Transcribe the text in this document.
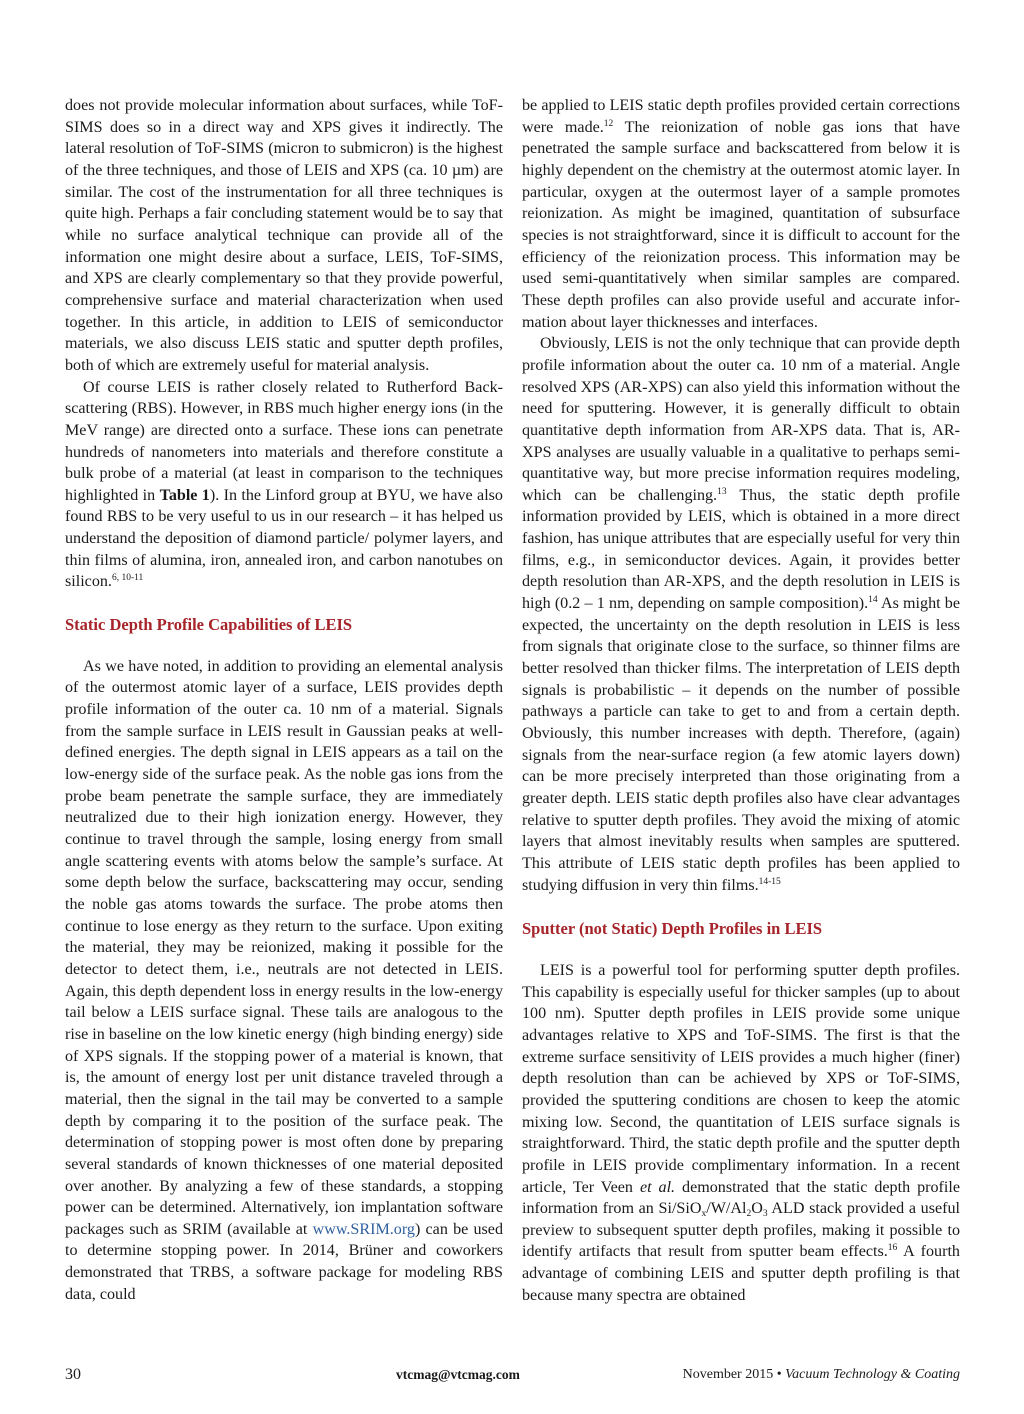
does not provide molecular information about surfaces, while ToF-SIMS does so in a direct way and XPS gives it indirectly. The lateral resolution of ToF-SIMS (micron to submicron) is the highest of the three techniques, and those of LEIS and XPS (ca. 10 µm) are similar. The cost of the instrumentation for all three techniques is quite high. Perhaps a fair concluding statement would be to say that while no surface analytical technique can provide all of the information one might desire about a surface, LEIS, ToF-SIMS, and XPS are clearly complementary so that they provide powerful, comprehensive surface and material characterization when used together. In this article, in addition to LEIS of semiconductor materials, we also discuss LEIS static and sputter depth profiles, both of which are extremely useful for material analysis.

Of course LEIS is rather closely related to Rutherford Backscattering (RBS). However, in RBS much higher energy ions (in the MeV range) are directed onto a surface. These ions can penetrate hundreds of nanometers into materials and therefore constitute a bulk probe of a material (at least in comparison to the techniques highlighted in Table 1). In the Linford group at BYU, we have also found RBS to be very useful to us in our research – it has helped us understand the deposition of diamond particle/ polymer layers, and thin films of alumina, iron, annealed iron, and carbon nanotubes on silicon.$^{6, 10-11}$

Static Depth Profile Capabilities of LEIS

As we have noted, in addition to providing an elemental analysis of the outermost atomic layer of a surface, LEIS provides depth profile information of the outer ca. 10 nm of a material. Signals from the sample surface in LEIS result in Gaussian peaks at well-defined energies. The depth signal in LEIS appears as a tail on the low-energy side of the surface peak. As the noble gas ions from the probe beam penetrate the sample surface, they are immediately neutralized due to their high ionization energy. However, they continue to travel through the sample, losing energy from small angle scattering events with atoms below the sample’s surface. At some depth below the surface, backscattering may occur, sending the noble gas atoms towards the surface. The probe atoms then continue to lose energy as they return to the surface. Upon exiting the material, they may be reionized, making it possible for the detector to detect them, i.e., neutrals are not detected in LEIS. Again, this depth dependent loss in energy results in the low-energy tail below a LEIS surface signal. These tails are analogous to the rise in baseline on the low kinetic energy (high binding energy) side of XPS signals. If the stopping power of a material is known, that is, the amount of energy lost per unit distance traveled through a material, then the signal in the tail may be converted to a sample depth by comparing it to the position of the surface peak. The determination of stopping power is most often done by preparing several standards of known thicknesses of one material deposited over another. By analyzing a few of these standards, a stopping power can be determined. Alternatively, ion implantation software packages such as SRIM (available at www.SRIM.org) can be used to determine stopping power. In 2014, Brüner and coworkers demonstrated that TRBS, a software package for modeling RBS data, could

be applied to LEIS static depth profiles provided certain corrections were made.$^{12}$ The reionization of noble gas ions that have penetrated the sample surface and backscattered from below it is highly dependent on the chemistry at the outermost atomic layer. In particular, oxygen at the outermost layer of a sample promotes reionization. As might be imagined, quantitation of subsurface species is not straightforward, since it is difficult to account for the efficiency of the reionization process. This information may be used semi-quantitatively when similar samples are compared. These depth profiles can also provide useful and accurate information about layer thicknesses and interfaces.

Obviously, LEIS is not the only technique that can provide depth profile information about the outer ca. 10 nm of a material. Angle resolved XPS (AR-XPS) can also yield this information without the need for sputtering. However, it is generally difficult to obtain quantitative depth information from AR-XPS data. That is, AR-XPS analyses are usually valuable in a qualitative to perhaps semi-quantitative way, but more precise information requires modeling, which can be challenging.$^{13}$ Thus, the static depth profile information provided by LEIS, which is obtained in a more direct fashion, has unique attributes that are especially useful for very thin films, e.g., in semiconductor devices. Again, it provides better depth resolution than AR-XPS, and the depth resolution in LEIS is high (0.2 – 1 nm, depending on sample composition).$^{14}$ As might be expected, the uncertainty on the depth resolution in LEIS is less from signals that originate close to the surface, so thinner films are better resolved than thicker films. The interpretation of LEIS depth signals is probabilistic – it depends on the number of possible pathways a particle can take to get to and from a certain depth. Obviously, this number increases with depth. Therefore, (again) signals from the near-surface region (a few atomic layers down) can be more precisely interpreted than those originating from a greater depth. LEIS static depth profiles also have clear advantages relative to sputter depth profiles. They avoid the mixing of atomic layers that almost inevitably results when samples are sputtered. This attribute of LEIS static depth profiles has been applied to studying diffusion in very thin films.$^{14-15}$

Sputter (not Static) Depth Profiles in LEIS

LEIS is a powerful tool for performing sputter depth profiles. This capability is especially useful for thicker samples (up to about 100 nm). Sputter depth profiles in LEIS provide some unique advantages relative to XPS and ToF-SIMS. The first is that the extreme surface sensitivity of LEIS provides a much higher (finer) depth resolution than can be achieved by XPS or ToF-SIMS, provided the sputtering conditions are chosen to keep the atomic mixing low. Second, the quantitation of LEIS surface signals is straightforward. Third, the static depth profile and the sputter depth profile in LEIS provide complimentary information. In a recent article, Ter Veen et al. demonstrated that the static depth profile information from an $Si/SiO_x/W/Al_2O_3$ ALD stack provided a useful preview to subsequent sputter depth profiles, making it possible to identify artifacts that result from sputter beam effects.$^{16}$ A fourth advantage of combining LEIS and sputter depth profiling is that because many spectra are obtained

30	vtcmag@vtcmag.com	November 2015 • Vacuum Technology & Coating
